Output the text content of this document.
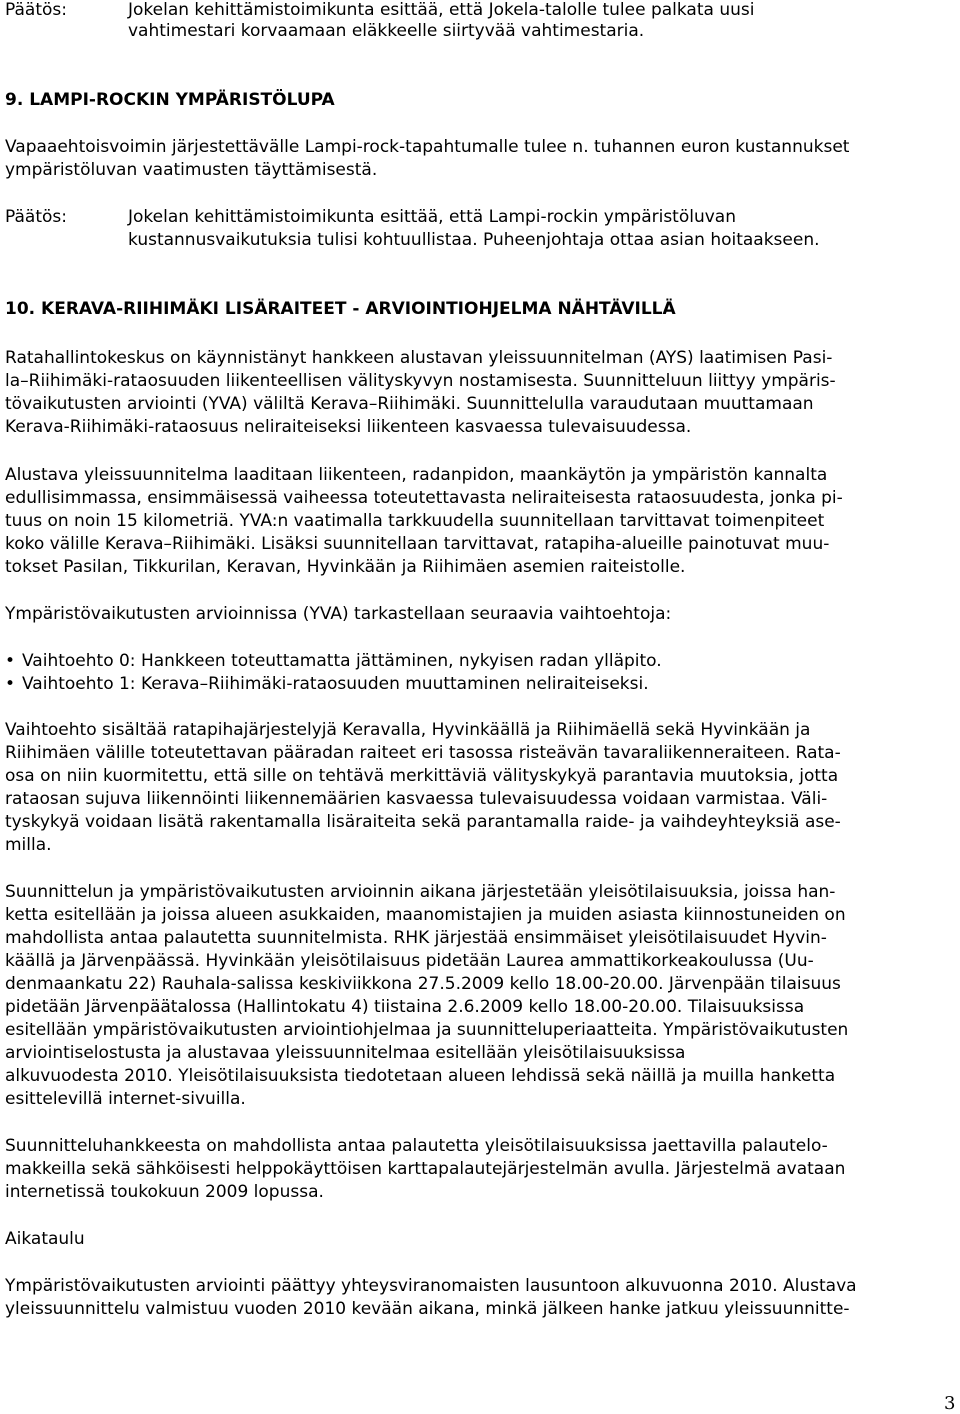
Päätös:	Jokelan kehittämistoimikunta esittää, että Jokela-talolle tulee palkata uusi
vahtimestari korvaamaan eläkkeelle siirtyvää vahtimestaria.
9. LAMPI-ROCKIN YMPÄRISTÖLUPA
Vapaaehtoisvoimin järjestettävälle Lampi-rock-tapahtumalle tulee n. tuhannen euron kustannukset
ympäristöluvan vaatimusten täyttämisestä.
Päätös:	Jokelan kehittämistoimikunta esittää, että Lampi-rockin ympäristöluvan
kustannusvaikutuksia tulisi kohtuullistaa. Puheenjohtaja ottaa asian hoitaakseen.
10. KERAVA-RIIHIMÄKI LISÄRAITEET - ARVIOINTIOHJELMA NÄHTÄVILLÄ
Ratahallintokeskus on käynnistänyt hankkeen alustavan yleissuunnitelman (AYS) laatimisen Pasi-
la–Riihimäki-rataosuuden liikenteellisen välityskyvyn nostamisesta. Suunnitteluun liittyy ympäris-
tövaikutusten arviointi (YVA) väliltä Kerava–Riihimäki. Suunnittelulla varaudutaan muuttamaan
Kerava-Riihimäki-rataosuus neliraiteiseksi liikenteen kasvaessa tulevaisuudessa.
Alustava yleissuunnitelma laaditaan liikenteen, radanpidon, maankäytön ja ympäristön kannalta
edullisimmassa, ensimmäisessä vaiheessa toteutettavasta neliraiteisesta rataosuudesta, jonka pi-
tuus on noin 15 kilometriä. YVA:n vaatimalla tarkkuudella suunnitellaan tarvittavat toimenpiteet
koko välille Kerava–Riihimäki. Lisäksi suunnitellaan tarvittavat, ratapiha-alueille painotuvat muu-
tokset Pasilan, Tikkurilan, Keravan, Hyvinkään ja Riihimäen asemien raiteistolle.
Ympäristövaikutusten arvioinnissa (YVA) tarkastellaan seuraavia vaihtoehtoja:
• Vaihtoehto 0: Hankkeen toteuttamatta jättäminen, nykyisen radan ylläpito.
• Vaihtoehto 1: Kerava–Riihimäki-rataosuuden muuttaminen neliraiteiseksi.
Vaihtoehto sisältää ratapihajärjestelyjä Keravalla, Hyvinkäällä ja Riihimäellä sekä Hyvinkään ja
Riihimäen välille toteutettavan pääradan raiteet eri tasossa risteävän tavaraliikenneraiteen. Rata-
osa on niin kuormitettu, että sille on tehtävä merkittäviä välityskykyä parantavia muutoksia, jotta
rataosan sujuva liikennöinti liikennemäärien kasvaessa tulevaisuudessa voidaan varmistaa. Väli-
tyskykyä voidaan lisätä rakentamalla lisäraiteita sekä parantamalla raide- ja vaihdeyhteyksiä ase-
milla.
Suunnittelun ja ympäristövaikutusten arvioinnin aikana järjestetään yleisötilaisuuksia, joissa han-
ketta esitellään ja joissa alueen asukkaiden, maanomistajien ja muiden asiasta kiinnostuneiden on
mahdollista antaa palautetta suunnitelmista. RHK järjestää ensimmäiset yleisötilaisuudet Hyvin-
käällä ja Järvenpäässä. Hyvinkään yleisötilaisuus pidetään Laurea ammattikorkeakoulussa (Uu-
denmaankatu 22) Rauhala-salissa keskiviikkona 27.5.2009 kello 18.00-20.00. Järvenpään tilaisuus
pidetään Järvenpäätalossa (Hallintokatu 4) tiistaina 2.6.2009 kello 18.00-20.00. Tilaisuuksissa
esitellään ympäristövaikutusten arviointiohjelmaa ja suunnitteluperiaatteita. Ympäristövaikutusten
arviointiselostusta ja alustavaa yleissuunnitelmaa esitellään yleisötilaisuuksissa
alkuvuodesta 2010. Yleisötilaisuuksista tiedotetaan alueen lehdissä sekä näillä ja muilla hanketta
esittelevillä internet-sivuilla.
Suunnitteluhankkeesta on mahdollista antaa palautetta yleisötilaisuuksissa jaettavilla palautelo-
makkeilla sekä sähköisesti helppokäyttöisen karttapalautejärjestelmän avulla. Järjestelmä avataan
internetissä toukokuun 2009 lopussa.
Aikataulu
Ympäristövaikutusten arviointi päättyy yhteysviranomaisten lausuntoon alkuvuonna 2010. Alustava
yleissuunnittelu valmistuu vuoden 2010 kevään aikana, minkä jälkeen hanke jatkuu yleissuunnitte-
3
